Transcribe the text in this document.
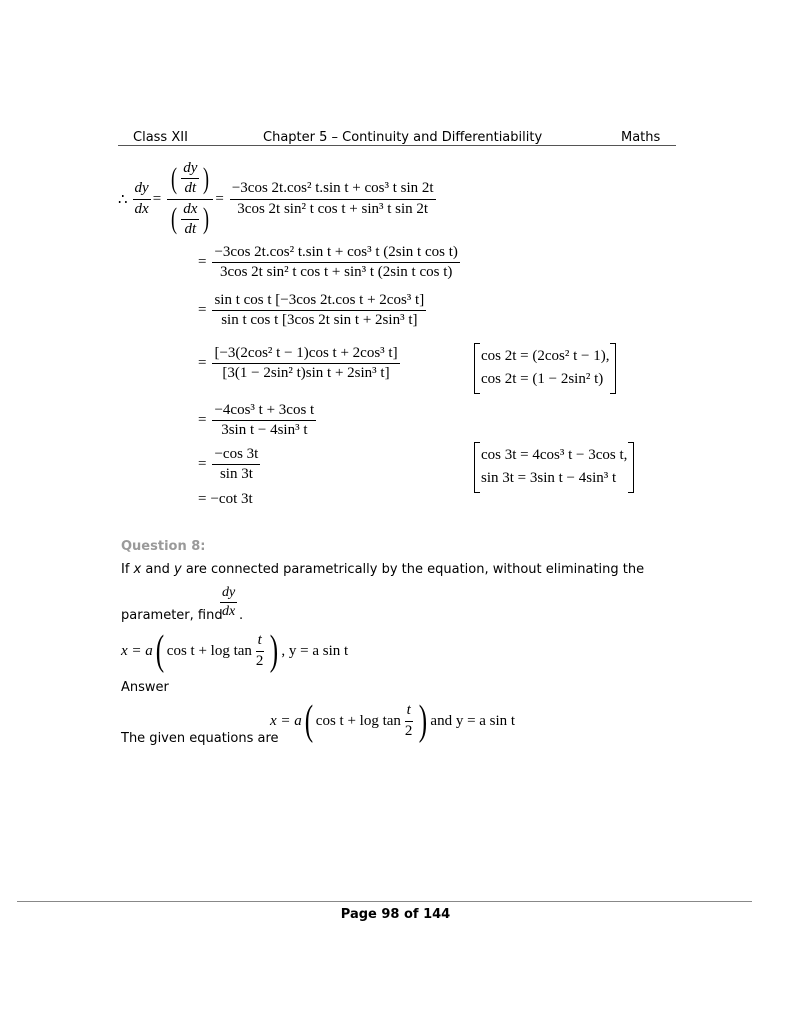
Class XII	Chapter 5 – Continuity and Differentiability	Maths
∴ $\frac{dy}{dx} = \frac{( \frac{dy}{dt} )}{( \frac{dx}{dt} )} = \frac{\text{−3cos 2t.cos² t.sin t + cos³ t sin 2t}}{\text{3cos 2t sin² t cos t + sin³ t sin 2t}}$
= $\frac{\text{−3cos 2t.cos² t.sin t + cos³ t (2sin t cos t)}}{\text{3cos 2t sin² t cos t + sin³ t (2sin t cos t)}}$
= $\frac{\text{sin t cos t [−3cos 2t.cos t + 2cos³ t]}}{\text{sin t cos t [3cos 2t sin t + 2sin³ t]}}$
= $\frac{\text{[−3(2cos² t − 1)cos t + 2cos³ t]}}{\text{[3(1 − 2sin² t)sin t + 2sin³ t]}}$	cos 2t = (2cos² t − 1),
cos 2t = (1 − 2sin² t)
= $\frac{\text{−4cos³ t + 3cos t}}{\text{3sin t − 4sin³ t}}$
= $\frac{-\cos 3t}{\sin 3t}$	cos 3t = 4cos³ t − 3cos t,
sin 3t = 3sin t − 4sin³ t
= −cot 3t
Question 8:
If x and y are connected parametrically by the equation, without eliminating the
parameter, find
$\frac{dy}{dx}$ .
x = a ( $\cos t + \log \tan \frac{t}{2}$ ) , y = a sin t
Answer
The given equations are
x = a ( $\cos t + \log \tan \frac{t}{2}$ ) and y = a sin t
Page 98 of 144
